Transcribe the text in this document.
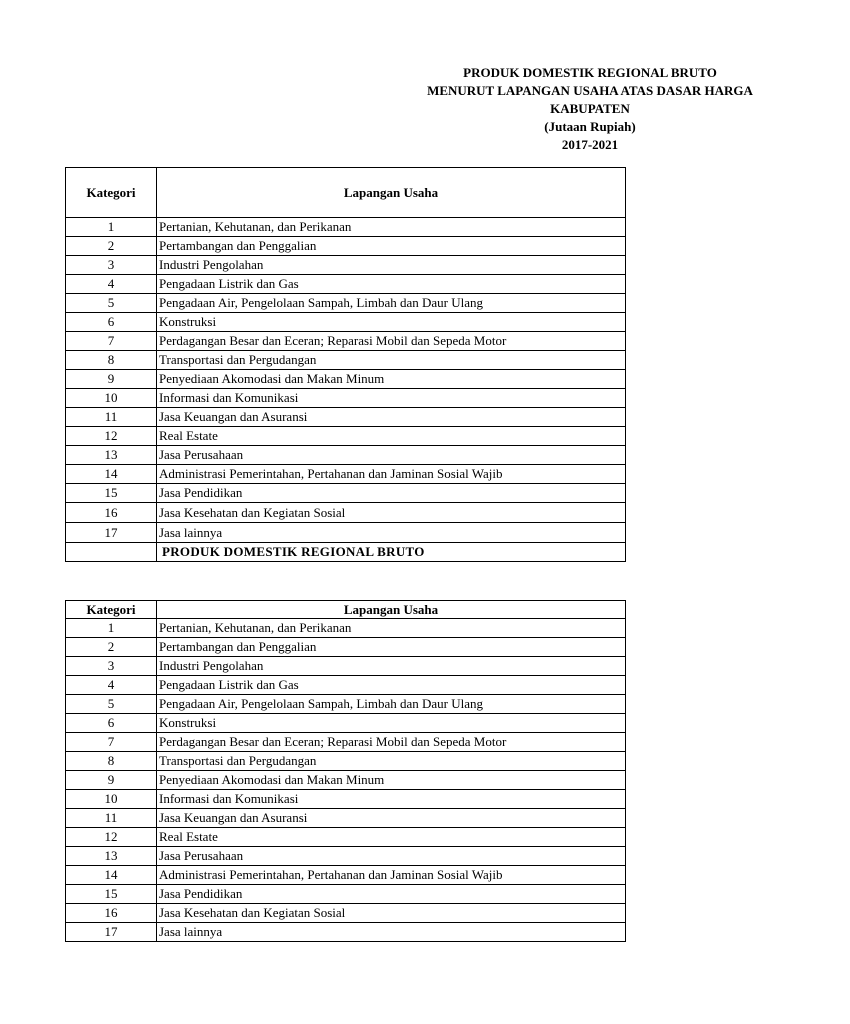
PRODUK DOMESTIK REGIONAL BRUTO
MENURUT LAPANGAN USAHA ATAS DASAR HARGA
KABUPATEN
(Jutaan Rupiah)
2017-2021
Kategori	Lapangan Usaha
1	Pertanian, Kehutanan, dan Perikanan
2	Pertambangan dan Penggalian
3	Industri Pengolahan
4	Pengadaan Listrik dan Gas
5	Pengadaan Air, Pengelolaan Sampah, Limbah dan Daur Ulang
6	Konstruksi
7	Perdagangan Besar dan Eceran; Reparasi Mobil dan Sepeda Motor
8	Transportasi dan Pergudangan
9	Penyediaan Akomodasi dan Makan Minum
10	Informasi dan Komunikasi
11	Jasa Keuangan dan Asuransi
12	Real Estate
13	Jasa Perusahaan
14	Administrasi Pemerintahan, Pertahanan dan Jaminan Sosial Wajib
15	Jasa Pendidikan
16	Jasa Kesehatan dan Kegiatan Sosial
17	Jasa lainnya
	PRODUK DOMESTIK REGIONAL BRUTO
Kategori	Lapangan Usaha
1	Pertanian, Kehutanan, dan Perikanan
2	Pertambangan dan Penggalian
3	Industri Pengolahan
4	Pengadaan Listrik dan Gas
5	Pengadaan Air, Pengelolaan Sampah, Limbah dan Daur Ulang
6	Konstruksi
7	Perdagangan Besar dan Eceran; Reparasi Mobil dan Sepeda Motor
8	Transportasi dan Pergudangan
9	Penyediaan Akomodasi dan Makan Minum
10	Informasi dan Komunikasi
11	Jasa Keuangan dan Asuransi
12	Real Estate
13	Jasa Perusahaan
14	Administrasi Pemerintahan, Pertahanan dan Jaminan Sosial Wajib
15	Jasa Pendidikan
16	Jasa Kesehatan dan Kegiatan Sosial
17	Jasa lainnya
